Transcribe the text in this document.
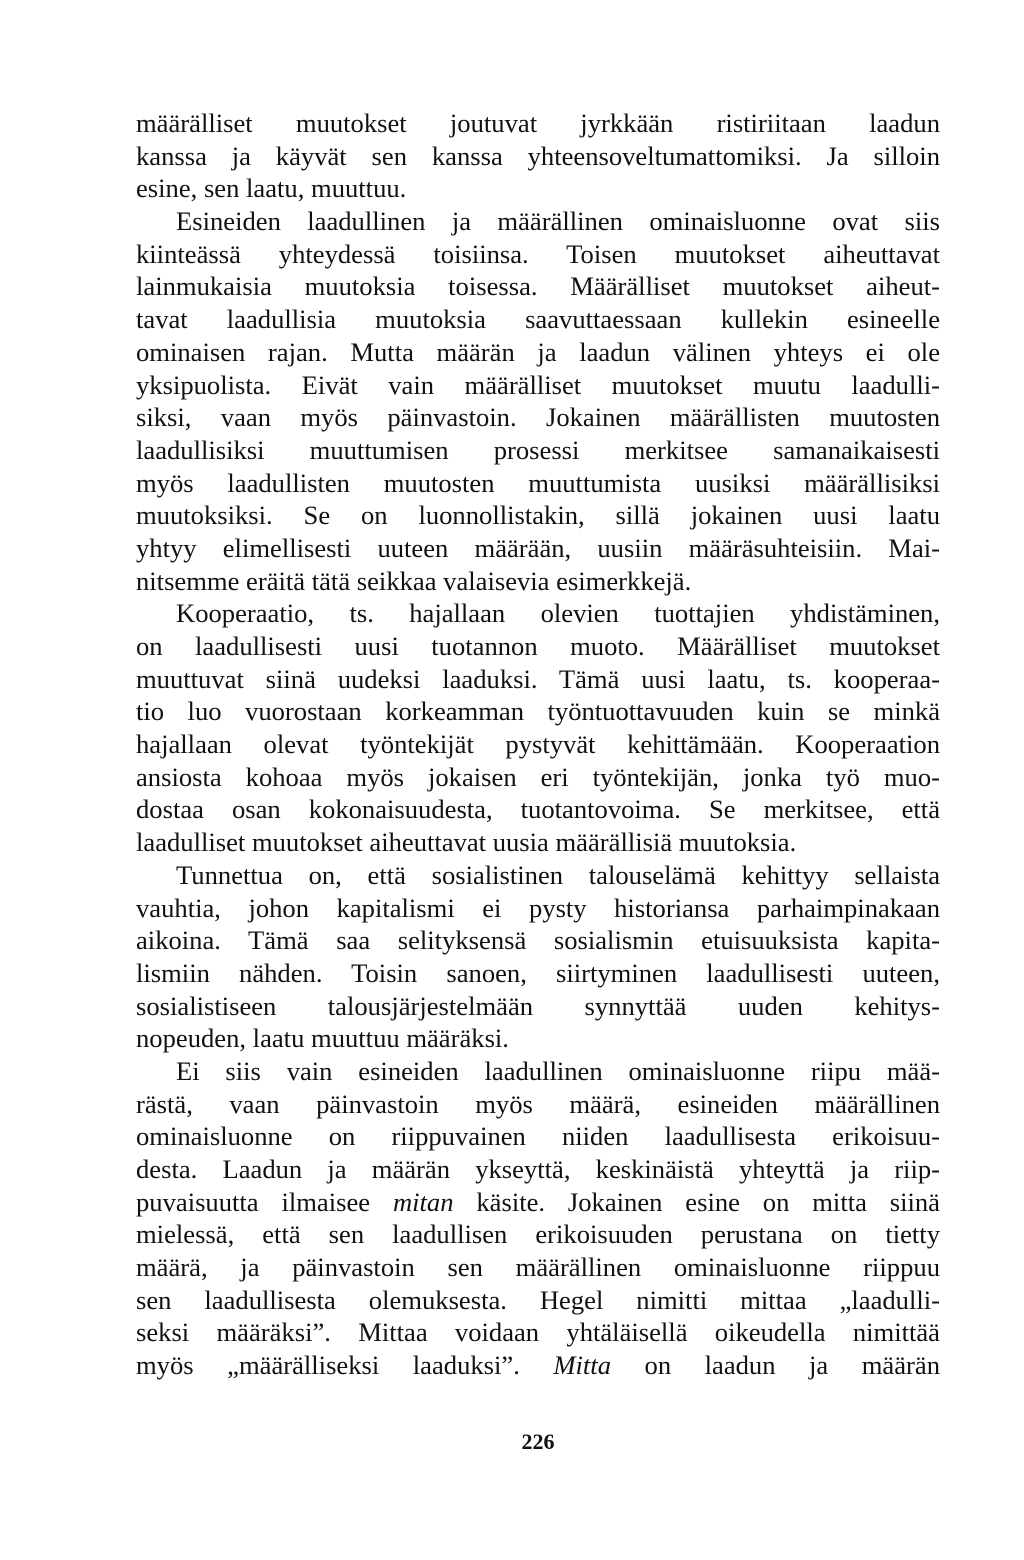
määrälliset muutokset joutuvat jyrkkään ristiriitaan laadun
kanssa ja käyvät sen kanssa yhteensoveltumattomiksi. Ja silloin
esine, sen laatu, muuttuu.
Esineiden laadullinen ja määrällinen ominaisluonne ovat siis
kiinteässä yhteydessä toisiinsa. Toisen muutokset aiheuttavat
lainmukaisia muutoksia toisessa. Määrälliset muutokset aiheut-
tavat laadullisia muutoksia saavuttaessaan kullekin esineelle
ominaisen rajan. Mutta määrän ja laadun välinen yhteys ei ole
yksipuolista. Eivät vain määrälliset muutokset muutu laadulli-
siksi, vaan myös päinvastoin. Jokainen määrällisten muutosten
laadullisiksi muuttumisen prosessi merkitsee samanaikaisesti
myös laadullisten muutosten muuttumista uusiksi määrällisiksi
muutoksiksi. Se on luonnollistakin, sillä jokainen uusi laatu
yhtyy elimellisesti uuteen määrään, uusiin määräsuhteisiin. Mai-
nitsemme eräitä tätä seikkaa valaisevia esimerkkejä.
Kooperaatio, ts. hajallaan olevien tuottajien yhdistäminen,
on laadullisesti uusi tuotannon muoto. Määrälliset muutokset
muuttuvat siinä uudeksi laaduksi. Tämä uusi laatu, ts. kooperaa-
tio luo vuorostaan korkeamman työntuottavuuden kuin se minkä
hajallaan olevat työntekijät pystyvät kehittämään. Kooperaation
ansiosta kohoaa myös jokaisen eri työntekijän, jonka työ muo-
dostaa osan kokonaisuudesta, tuotantovoima. Se merkitsee, että
laadulliset muutokset aiheuttavat uusia määrällisiä muutoksia.
Tunnettua on, että sosialistinen talouselämä kehittyy sellaista
vauhtia, johon kapitalismi ei pysty historiansa parhaimpinakaan
aikoina. Tämä saa selityksensä sosialismin etuisuuksista kapita-
lismiin nähden. Toisin sanoen, siirtyminen laadullisesti uuteen,
sosialistiseen talousjärjestelmään synnyttää uuden kehitys-
nopeuden, laatu muuttuu määräksi.
Ei siis vain esineiden laadullinen ominaisluonne riipu mää-
rästä, vaan päinvastoin myös määrä, esineiden määrällinen
ominaisluonne on riippuvainen niiden laadullisesta erikoisuu-
desta. Laadun ja määrän ykseyttä, keskinäistä yhteyttä ja riip-
puvaisuutta ilmaisee mitan käsite. Jokainen esine on mitta siinä
mielessä, että sen laadullisen erikoisuuden perustana on tietty
määrä, ja päinvastoin sen määrällinen ominaisluonne riippuu
sen laadullisesta olemuksesta. Hegel nimitti mittaa „laadulli-
seksi määräksi”. Mittaa voidaan yhtäläisellä oikeudella nimittää
myös „määrälliseksi laaduksi”. Mitta on laadun ja määrän
226
